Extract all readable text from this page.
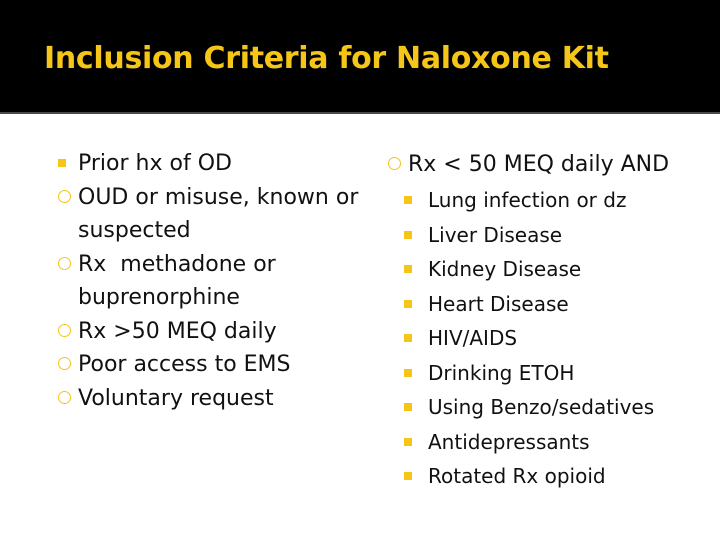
Inclusion Criteria for Naloxone Kit
Prior hx of OD
OUD or misuse, known or suspected
Rx  methadone or buprenorphine
Rx >50 MEQ daily
Poor access to EMS
Voluntary request
Rx < 50 MEQ daily AND
Lung infection or dz
Liver Disease
Kidney Disease
Heart Disease
HIV/AIDS
Drinking ETOH
Using Benzo/sedatives
Antidepressants
Rotated Rx opioid
